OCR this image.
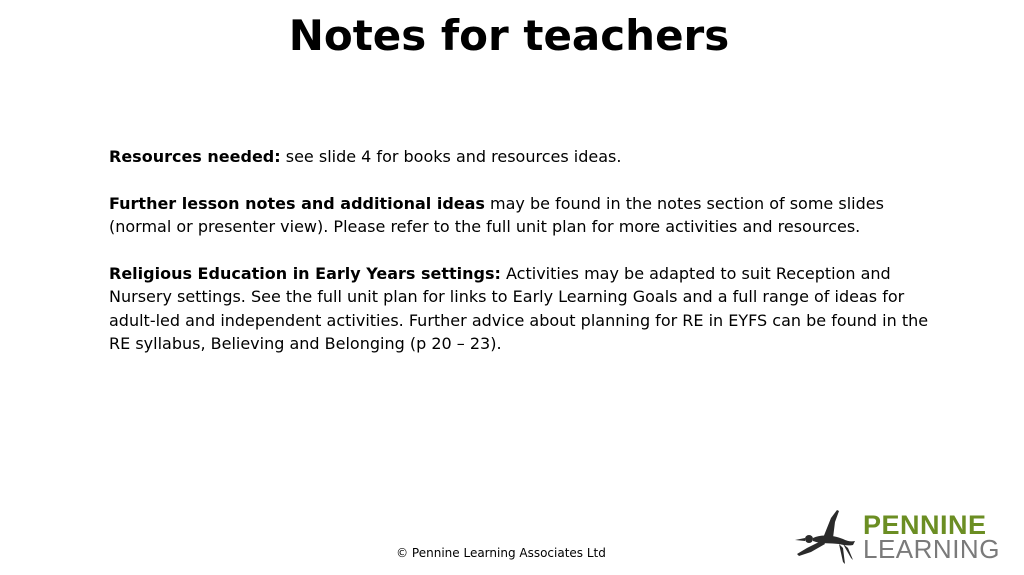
Notes for teachers

Resources needed: see slide 4 for books and resources ideas.

Further lesson notes and additional ideas may be found in the notes section of some slides (normal or presenter view). Please refer to the full unit plan for more activities and resources.

Religious Education in Early Years settings: Activities may be adapted to suit Reception and Nursery settings. See the full unit plan for links to Early Learning Goals and a full range of ideas for adult-led and independent activities. Further advice about planning for RE in EYFS can be found in the RE syllabus, Believing and Belonging (p 20 – 23).

© Pennine Learning Associates Ltd
PENNINE
LEARNING
